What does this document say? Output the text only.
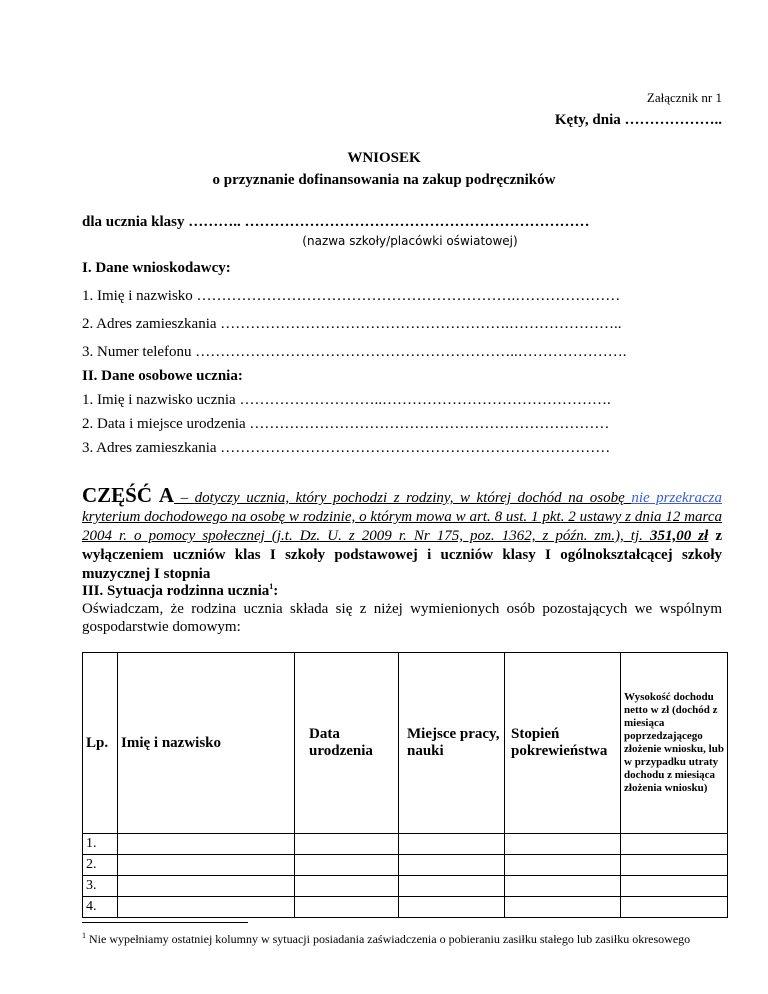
Załącznik nr 1
Kęty, dnia ………………..
WNIOSEK
o przyznanie dofinansowania na zakup podręczników
dla ucznia klasy ……….. ……………………………………………………………
(nazwa szkoły/placówki oświatowej)
I. Dane wnioskodawcy:
1. Imię i nazwisko ……………………………………………………….…………………
2. Adres zamieszkania ………………………………………………….…………………..
3. Numer telefonu ………………………………………………………..………………….
II. Dane osobowe ucznia:
1. Imię i nazwisko ucznia ………………………..……………………………………….
2. Data i miejsce urodzenia ………………………………………………………………
3. Adres zamieszkania ……………………………………………………………………
CZĘŚĆ A – dotyczy ucznia, który pochodzi z rodziny, w której dochód na osobę nie przekracza kryterium dochodowego na osobę w rodzinie, o którym mowa w art. 8 ust. 1 pkt. 2 ustawy z dnia 12 marca 2004 r. o pomocy społecznej (j.t. Dz. U. z 2009 r. Nr 175, poz. 1362, z późn. zm.), tj. 351,00 zł z wyłączeniem uczniów klas I szkoły podstawowej i uczniów klasy I ogólnokształcącej szkoły muzycznej I stopnia
III. Sytuacja rodzinna ucznia$^1$:
Oświadczam, że rodzina ucznia składa się z niżej wymienionych osób pozostających we wspólnym gospodarstwie domowym:
Lp.	Imię i nazwisko	Data urodzenia	Miejsce pracy, nauki	Stopień pokrewieństwa	Wysokość dochodu netto w zł (dochód z miesiąca poprzedzającego złożenie wniosku, lub w przypadku utraty dochodu z miesiąca złożenia wniosku)
1.					
2.					
3.					
4.					
$^1$ Nie wypełniamy ostatniej kolumny w sytuacji posiadania zaświadczenia o pobieraniu zasiłku stałego lub zasiłku okresowego
